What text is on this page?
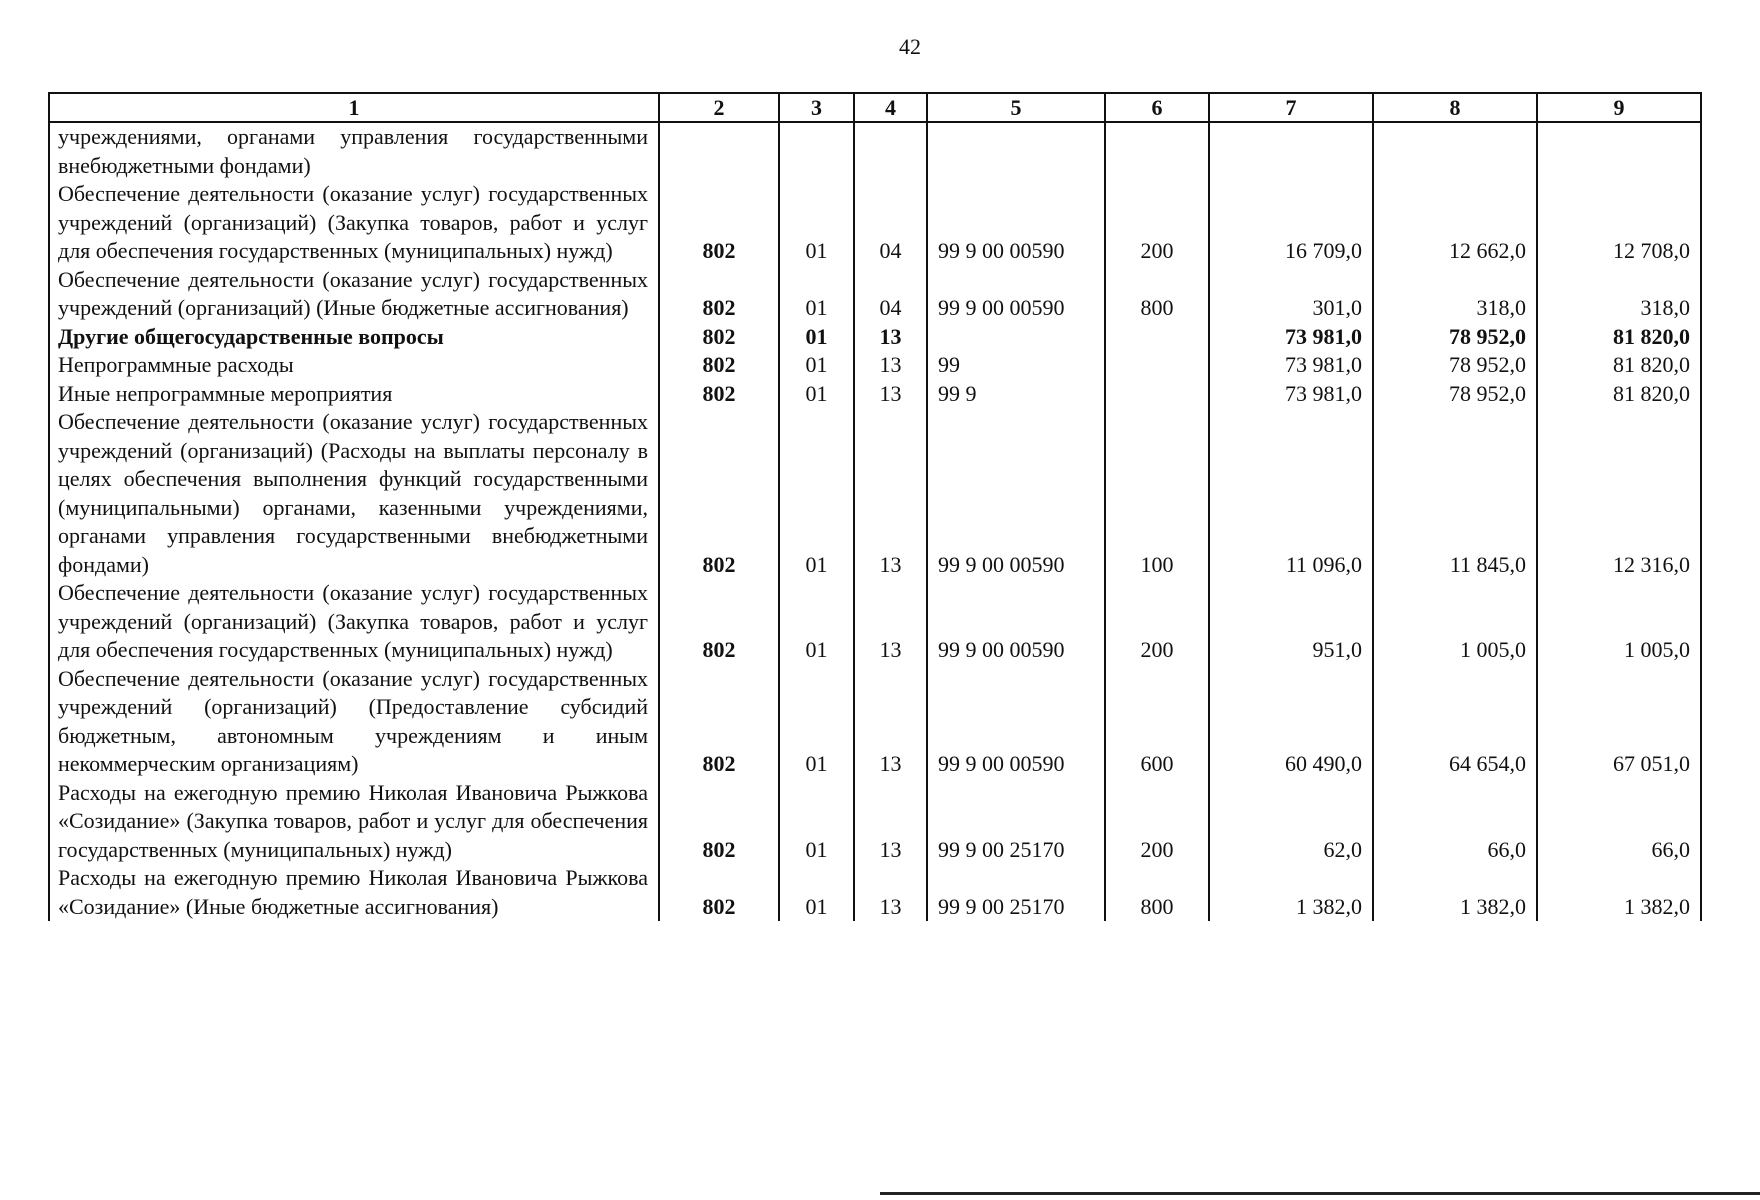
42
1	2	3	4	5	6	7	8	9
учреждениями, органами управления государственными внебюджетными фондами)								
Обеспечение деятельности (оказание услуг) государственных учреждений (организаций) (Закупка товаров, работ и услуг для обеспечения государственных (муниципальных) нужд)	802	01	04	99 9 00 00590	200	16 709,0	12 662,0	12 708,0
Обеспечение деятельности (оказание услуг) государственных учреждений (организаций) (Иные бюджетные ассигнования)	802	01	04	99 9 00 00590	800	301,0	318,0	318,0
Другие общегосударственные вопросы	802	01	13			73 981,0	78 952,0	81 820,0
Непрограммные расходы	802	01	13	99		73 981,0	78 952,0	81 820,0
Иные непрограммные мероприятия	802	01	13	99 9		73 981,0	78 952,0	81 820,0
Обеспечение деятельности (оказание услуг) государственных учреждений (организаций) (Расходы на выплаты персоналу в целях обеспечения выполнения функций государственными (муниципальными) органами, казенными учреждениями, органами управления государственными внебюджетными фондами)	802	01	13	99 9 00 00590	100	11 096,0	11 845,0	12 316,0
Обеспечение деятельности (оказание услуг) государственных учреждений (организаций) (Закупка товаров, работ и услуг для обеспечения государственных (муниципальных) нужд)	802	01	13	99 9 00 00590	200	951,0	1 005,0	1 005,0
Обеспечение деятельности (оказание услуг) государственных учреждений (организаций) (Предоставление субсидий бюджетным, автономным учреждениям и иным некоммерческим организациям)	802	01	13	99 9 00 00590	600	60 490,0	64 654,0	67 051,0
Расходы на ежегодную премию Николая Ивановича Рыжкова «Созидание» (Закупка товаров, работ и услуг для обеспечения государственных (муниципальных) нужд)	802	01	13	99 9 00 25170	200	62,0	66,0	66,0
Расходы на ежегодную премию Николая Ивановича Рыжкова «Созидание» (Иные бюджетные ассигнования)	802	01	13	99 9 00 25170	800	1 382,0	1 382,0	1 382,0
